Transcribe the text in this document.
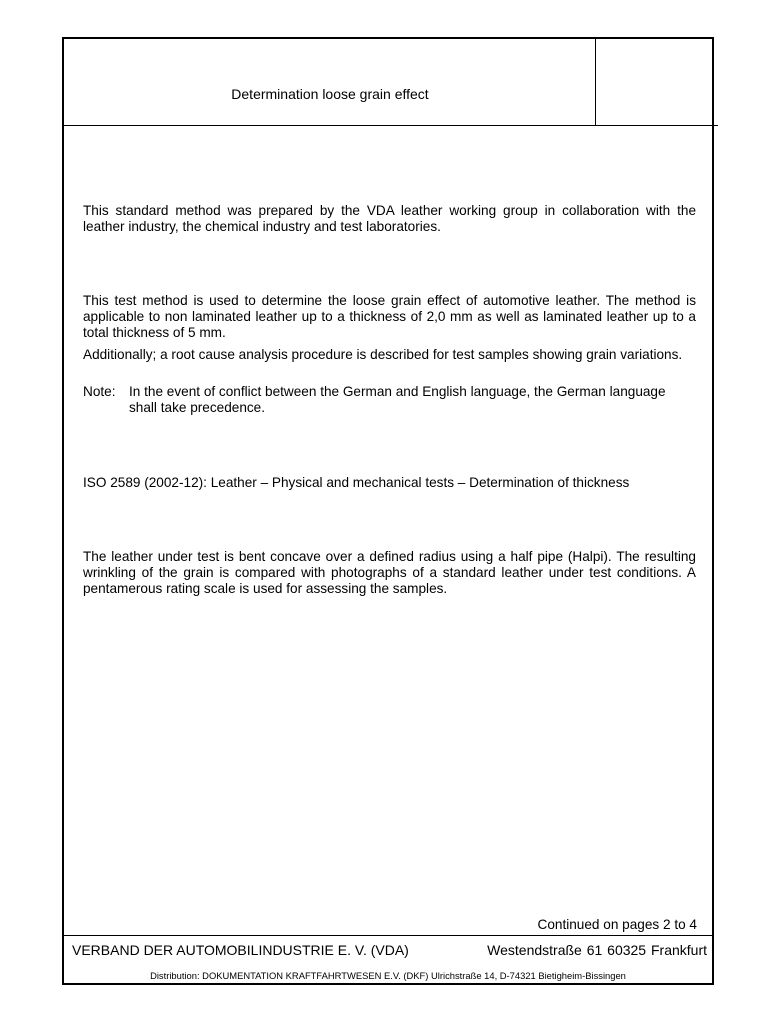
Determination loose grain effect

This standard method was prepared by the VDA leather working group in collaboration with the leather industry, the chemical industry and test laboratories.

This test method is used to determine the loose grain effect of automotive leather. The method is applicable to non laminated leather up to a thickness of 2,0 mm as well as laminated leather up to a total thickness of 5 mm.

Additionally; a root cause analysis procedure is described for test samples showing grain variations.

Note: In the event of conflict between the German and English language, the German language shall take precedence.

ISO 2589 (2002-12): Leather – Physical and mechanical tests – Determination of thickness

The leather under test is bent concave over a defined radius using a half pipe (Halpi). The resulting wrinkling of the grain is compared with photographs of a standard leather under test conditions. A pentamerous rating scale is used for assessing the samples.

Continued on pages 2 to 4
VERBAND DER AUTOMOBILINDUSTRIE E. V. (VDA)	Westendstraße 61 60325 Frankfurt
Distribution: DOKUMENTATION KRAFTFAHRTWESEN E.V. (DKF) Ulrichstraße 14, D-74321 Bietigheim-Bissingen
